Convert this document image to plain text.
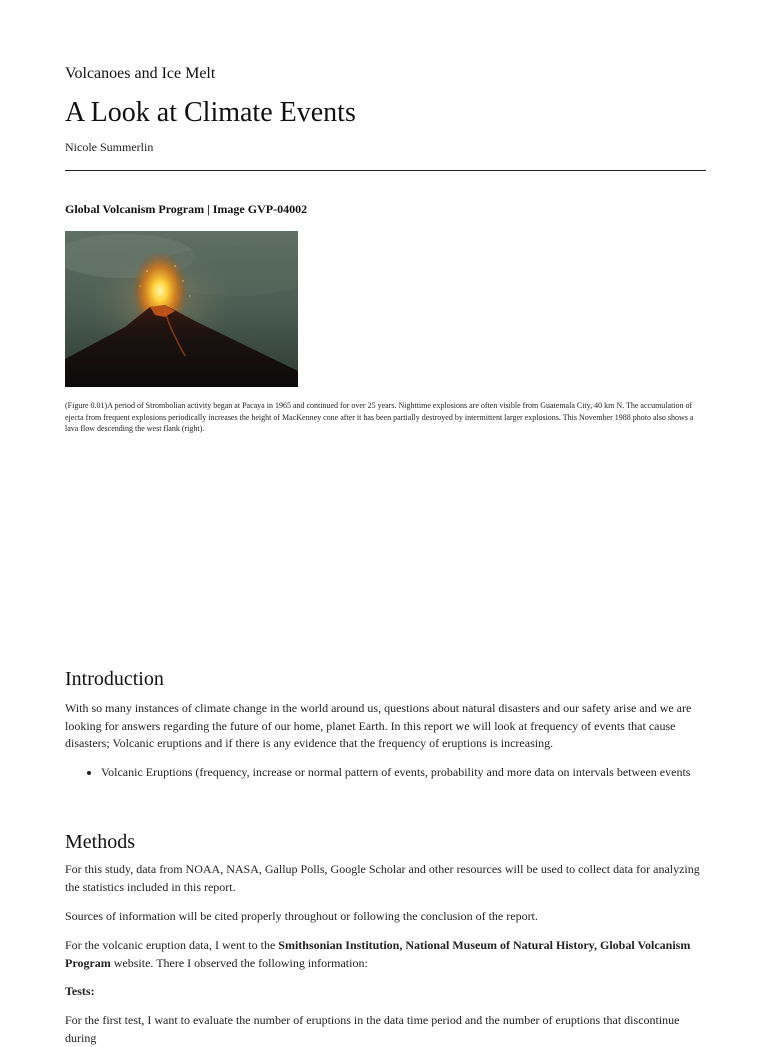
Volcanoes and Ice Melt
A Look at Climate Events
Nicole Summerlin
Global Volcanism Program | Image GVP-04002

(Figure 0.01)A period of Strombolian activity began at Pacaya in 1965 and continued for over 25 years. Nighttime explosions are often visible from Guatemala City, 40 km N. The accumulation of ejecta from frequent explosions periodically increases the height of MacKenney cone after it has been partially destroyed by intermittent larger explosions. This November 1988 photo also shows a lava flow descending the west flank (right).

Introduction

With so many instances of climate change in the world around us, questions about natural disasters and our safety arise and we are looking for answers regarding the future of our home, planet Earth. In this report we will look at frequency of events that cause disasters; Volcanic eruptions and if there is any evidence that the frequency of eruptions is increasing.

• Volcanic Eruptions (frequency, increase or normal pattern of events, probability and more data on intervals between events
Methods

For this study, data from NOAA, NASA, Gallup Polls, Google Scholar and other resources will be used to collect data for analyzing the statistics included in this report.

Sources of information will be cited properly throughout or following the conclusion of the report.

For the volcanic eruption data, I went to the Smithsonian Institution, National Museum of Natural History, Global Volcanism Program website. There I observed the following information:

Tests:

For the first test, I want to evaluate the number of eruptions in the data time period and the number of eruptions that discontinue during
